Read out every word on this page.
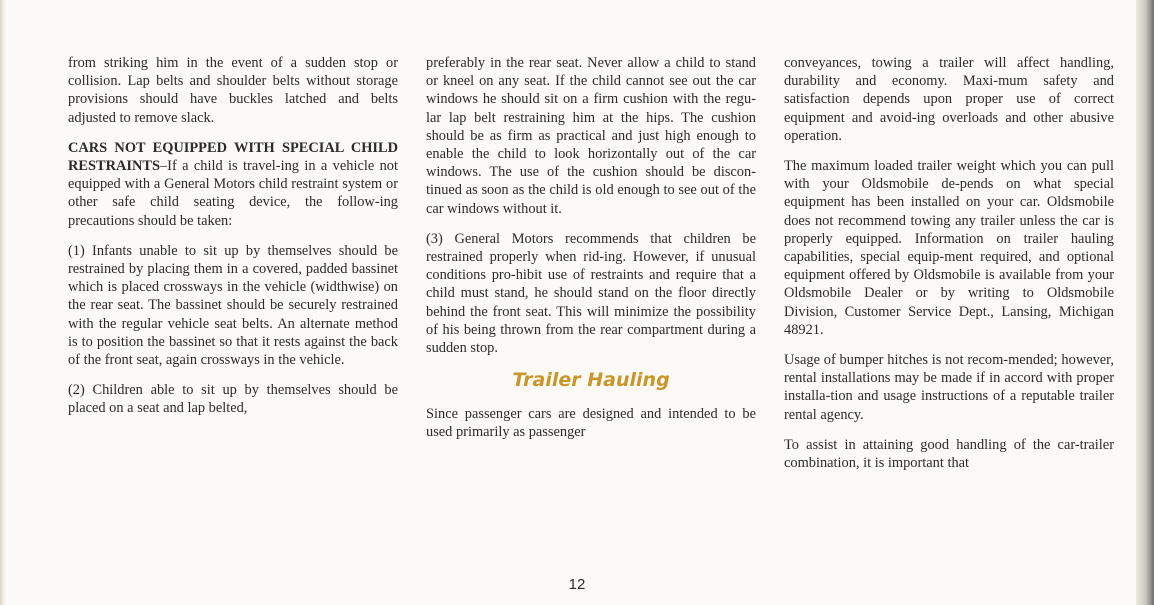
from striking him in the event of a sudden stop or collision. Lap belts and shoulder belts without storage provisions should have buckles latched and belts adjusted to remove slack.

CARS NOT EQUIPPED WITH SPECIAL CHILD RESTRAINTS–If a child is travel-ing in a vehicle not equipped with a General Motors child restraint system or other safe child seating device, the follow-ing precautions should be taken:

(1) Infants unable to sit up by themselves should be restrained by placing them in a covered, padded bassinet which is placed crossways in the vehicle (widthwise) on the rear seat. The bassinet should be securely restrained with the regular vehicle seat belts. An alternate method is to position the bassinet so that it rests against the back of the front seat, again crossways in the vehicle.

(2) Children able to sit up by themselves should be placed on a seat and lap belted,

preferably in the rear seat. Never allow a child to stand or kneel on any seat. If the child cannot see out the car windows he should sit on a firm cushion with the regu-lar lap belt restraining him at the hips. The cushion should be as firm as practical and just high enough to enable the child to look horizontally out of the car windows. The use of the cushion should be discon-tinued as soon as the child is old enough to see out of the car windows without it.

(3) General Motors recommends that children be restrained properly when rid-ing. However, if unusual conditions pro-hibit use of restraints and require that a child must stand, he should stand on the floor directly behind the front seat. This will minimize the possibility of his being thrown from the rear compartment during a sudden stop.

Trailer Hauling

Since passenger cars are designed and intended to be used primarily as passenger

conveyances, towing a trailer will affect handling, durability and economy. Maxi-mum safety and satisfaction depends upon proper use of correct equipment and avoid-ing overloads and other abusive operation.

The maximum loaded trailer weight which you can pull with your Oldsmobile de-pends on what special equipment has been installed on your car. Oldsmobile does not recommend towing any trailer unless the car is properly equipped. Information on trailer hauling capabilities, special equip-ment required, and optional equipment offered by Oldsmobile is available from your Oldsmobile Dealer or by writing to Oldsmobile Division, Customer Service Dept., Lansing, Michigan 48921.

Usage of bumper hitches is not recom-mended; however, rental installations may be made if in accord with proper installa-tion and usage instructions of a reputable trailer rental agency.

To assist in attaining good handling of the car-trailer combination, it is important that

12
